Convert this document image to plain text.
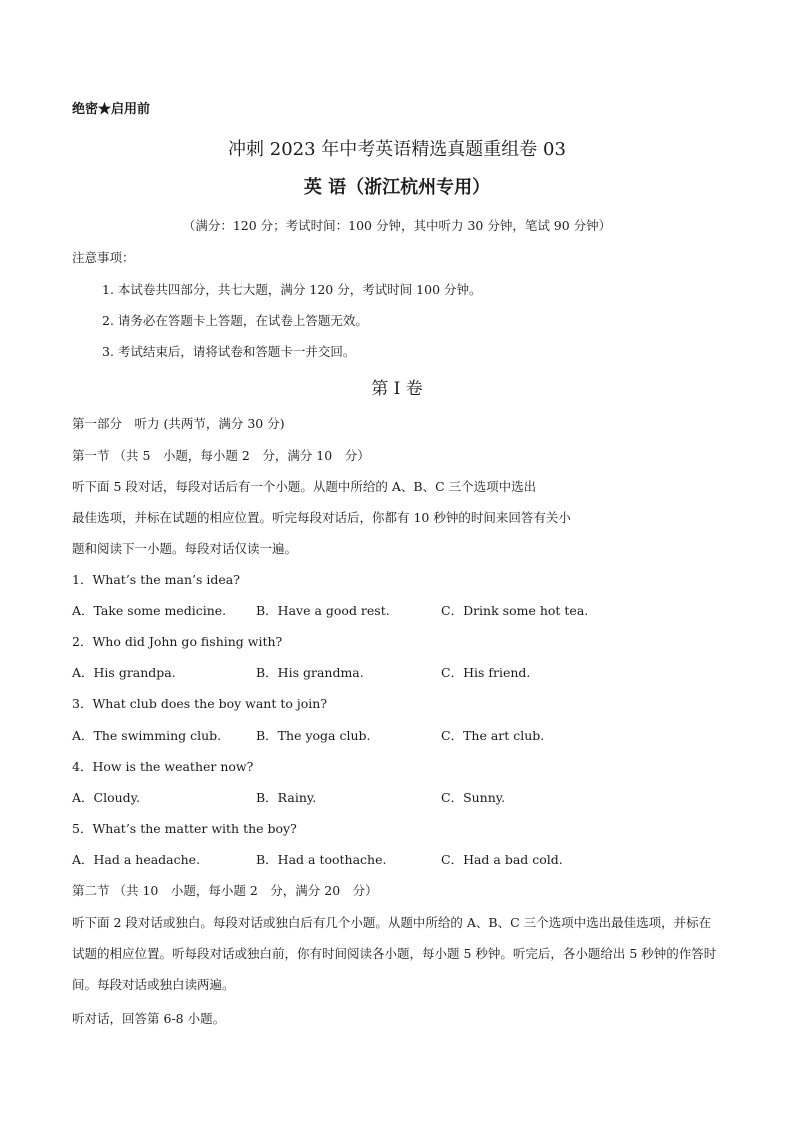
绝密★启用前
冲刺 2023 年中考英语精选真题重组卷 03
英 语（浙江杭州专用）
（满分：120 分；考试时间：100 分钟，其中听力 30 分钟，笔试 90 分钟）
注意事项：
1. 本试卷共四部分，共七大题，满分 120 分，考试时间 100 分钟。
2. 请务必在答题卡上答题，在试卷上答题无效。
3. 考试结束后，请将试卷和答题卡一并交回。
第 I 卷
第一部分　听力 (共两节，满分 30 分)
第一节 （共 5　小题，每小题 2　分，满分 10　分）
听下面 5 段对话，每段对话后有一个小题。从题中所给的 A、B、C 三个选项中选出
最佳选项，并标在试题的相应位置。听完每段对话后，你都有 10 秒钟的时间来回答有关小
题和阅读下一小题。每段对话仅读一遍。
1．What’s the man’s idea?
A．Take some medicine. B．Have a good rest.	C．Drink some hot tea.
2．Who did John go fishing with?
A．His grandpa.	B．His grandma.	C．His friend.
3．What club does the boy want to join?
A．The swimming club.	B．The yoga club.	C．The art club.
4．How is the weather now?
A．Cloudy.	B．Rainy.	C．Sunny.
5．What’s the matter with the boy?
A．Had a headache.	B．Had a toothache.	C．Had a bad cold.
第二节 （共 10　小题，每小题 2　分，满分 20　分）

听下面 2 段对话或独白。每段对话或独白后有几个小题。从题中所给的 A、B、C 三个选项中选出最佳选项，并标在试题的相应位置。听每段对话或独白前，你有时间阅读各小题，每小题 5 秒钟。听完后，各小题给出 5 秒钟的作答时间。每段对话或独白读两遍。

听对话，回答第 6-8 小题。
